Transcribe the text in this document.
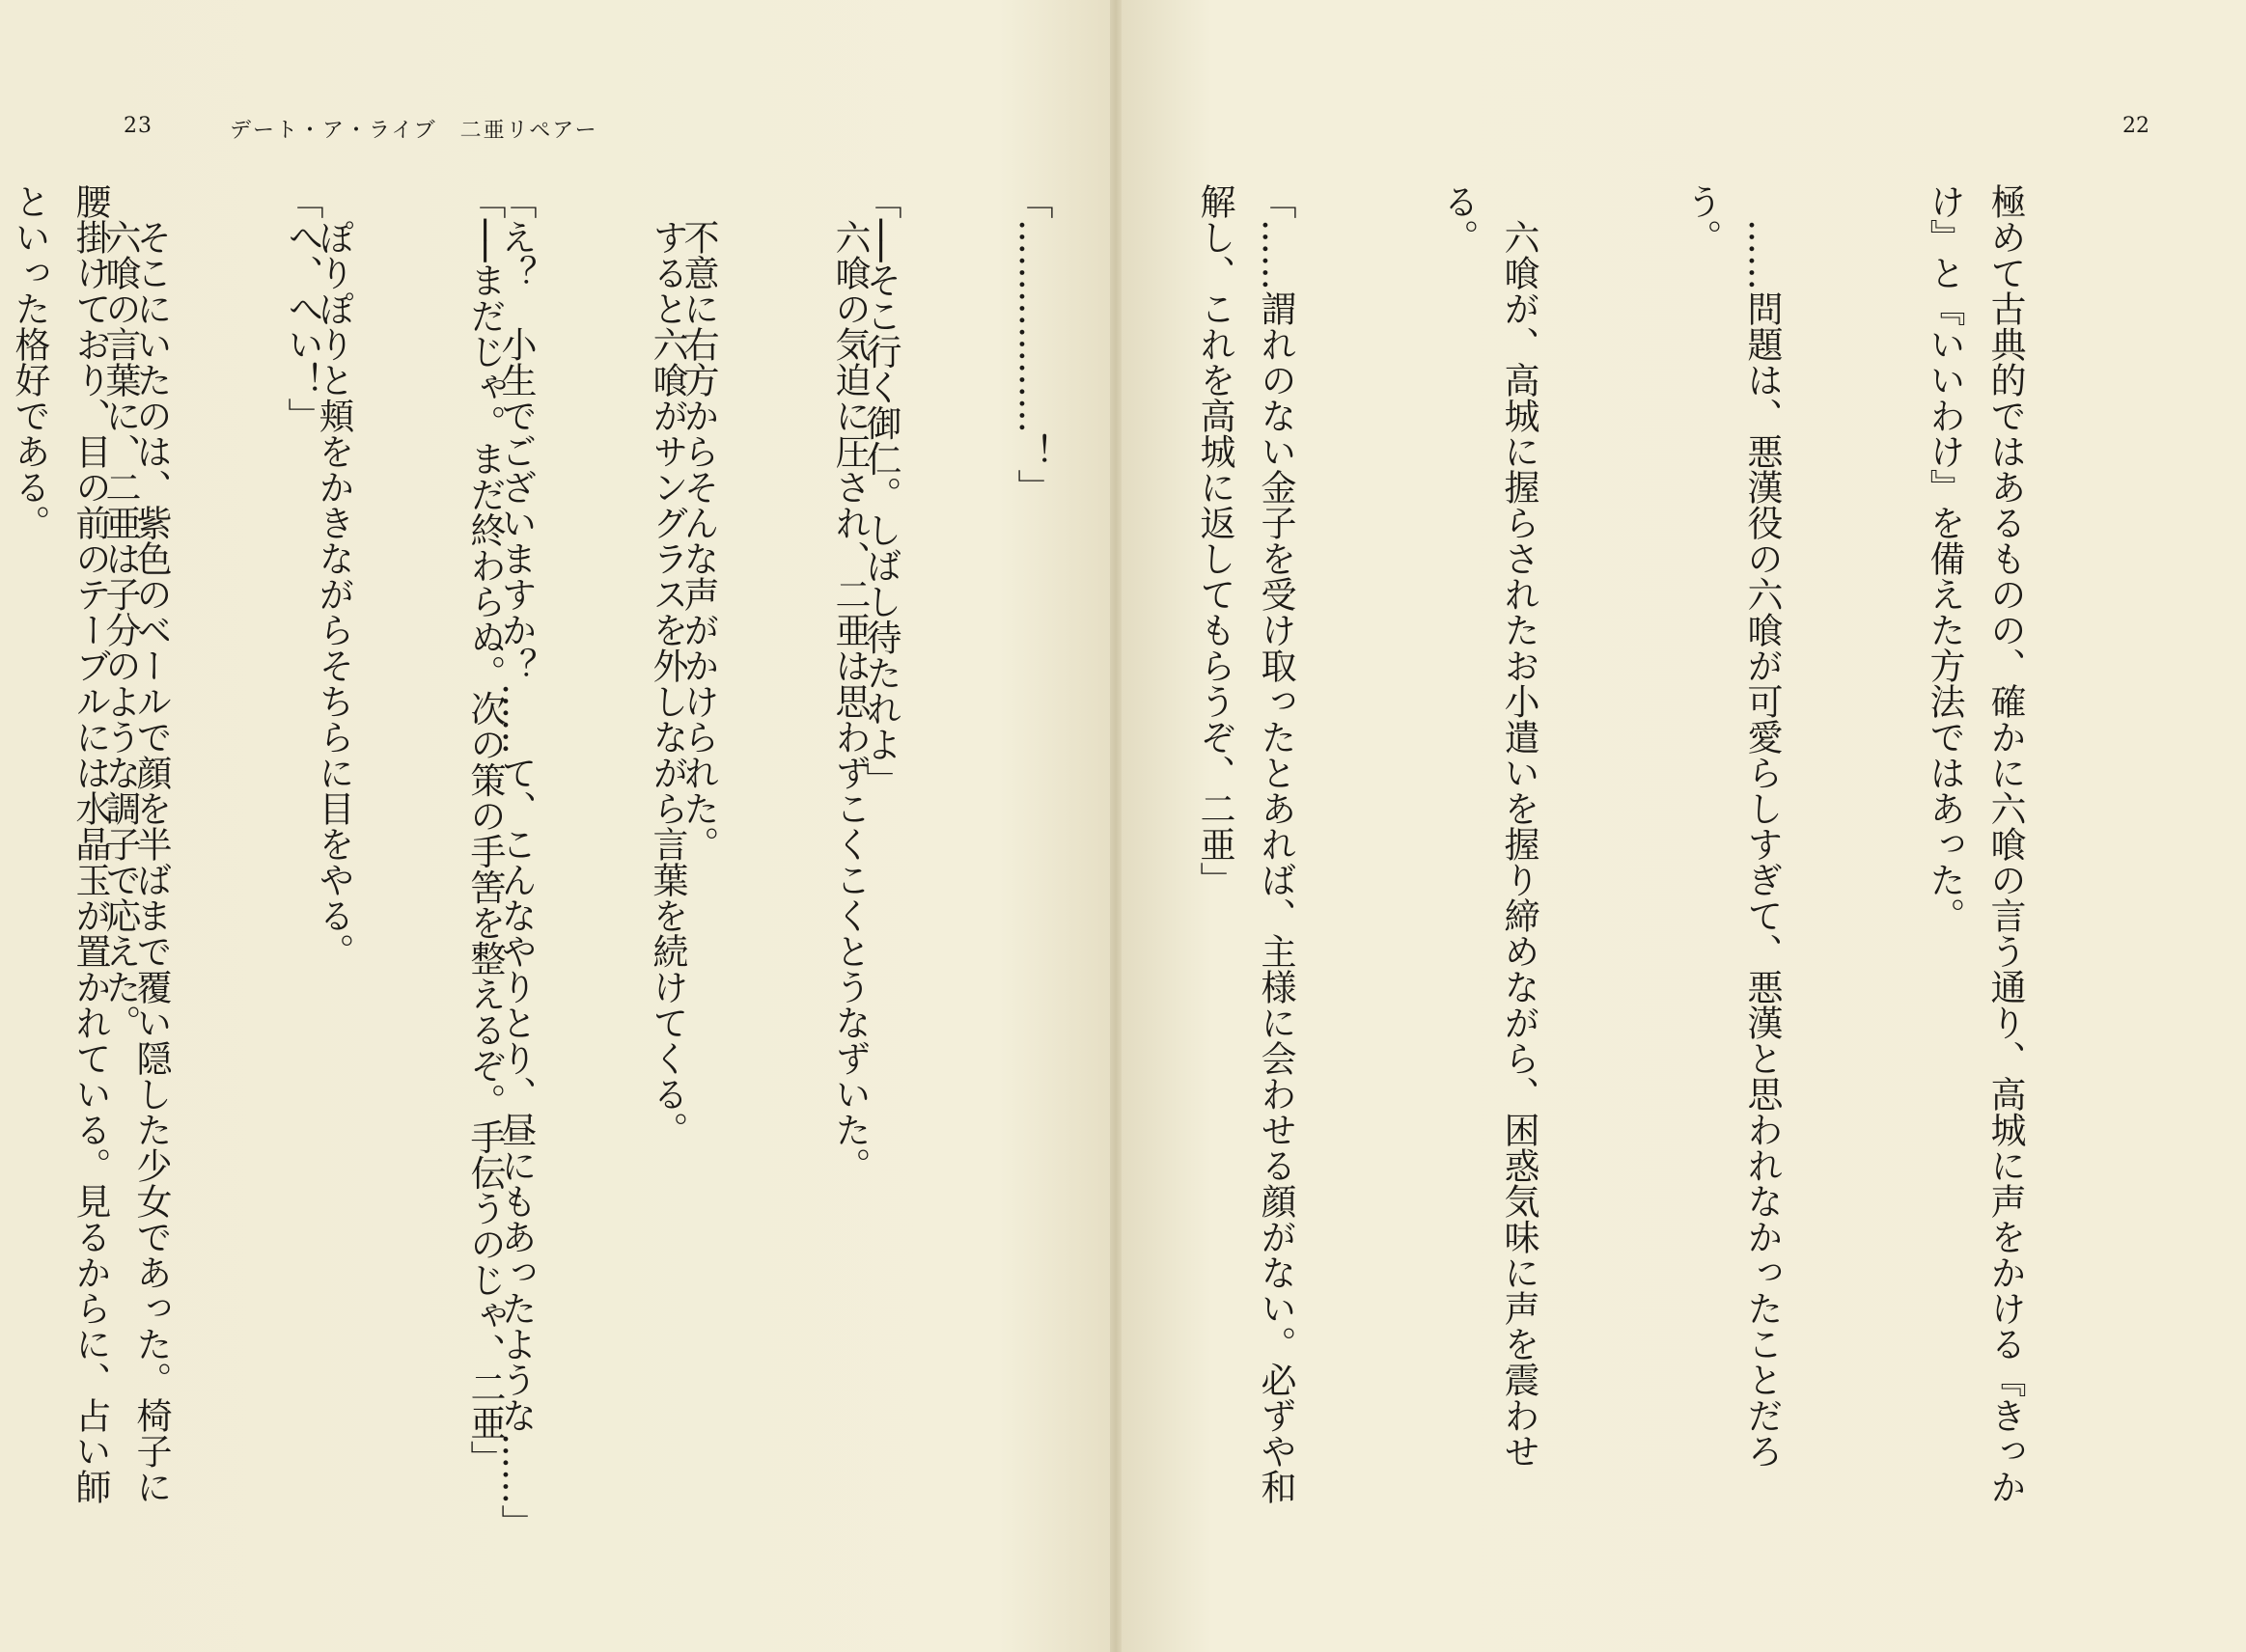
23	デート・ア・ライブ　二亜リペアー

「──そこ行く御仁。しばし待たれよ」

　不意に右方からそんな声がかけられた。

「え？　小生でございますか？……て、こんなやりとり、昼にもあったような……」

　ぽりぽりと頬をかきながらそちらに目をやる。

　そこにいたのは、紫色のベールで顔を半ばまで覆い隠した少女であった。椅子に腰掛けており、目の前のテーブルには水晶玉が置かれている。見るからに、占い師といった格好である。

22

極めて古典的ではあるものの、確かに六喰の言う通り、高城に声をかける『きっかけ』と『いいわけ』を備えた方法ではあった。

　……問題は、悪漢役の六喰が可愛らしすぎて、悪漢と思われなかったことだろう。

　六喰が、高城に握らされたお小遣いを握り締めながら、困惑気味に声を震わせる。

「……謂れのない金子を受け取ったとあれば、主様に会わせる顔がない。必ずや和解し、これを高城に返してもらうぞ、二亜」

「………………！」

　六喰の気迫に圧され、二亜は思わずこくこくとうなずいた。

　すると六喰がサングラスを外しながら言葉を続けてくる。

「──まだじゃ。まだ終わらぬ。次の策の手筈を整えるぞ。手伝うのじゃ、二亜」

「へ、へい！」

　六喰の言葉に、二亜は子分のような調子で応えた。
